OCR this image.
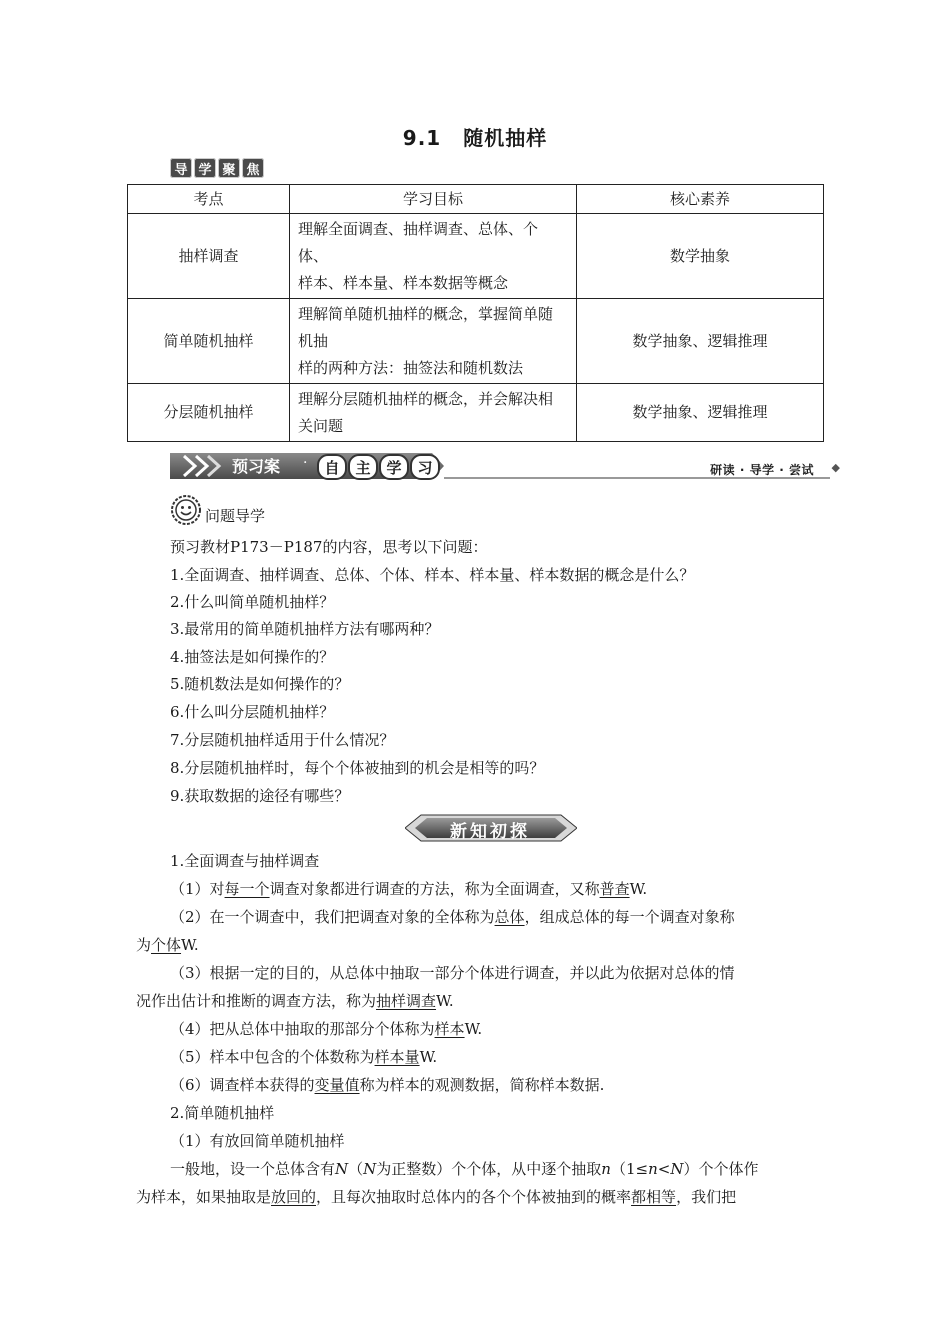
9.1 随机抽样
导 学 聚 焦
考点	学习目标	核心素养
抽样调查	理解全面调查、抽样调查、总体、个
体、
样本、样本量、样本数据等概念	数学抽象
简单随机抽样	理解简单随机抽样的概念，掌握简单随
机抽
样的两种方法：抽签法和随机数法	数学抽象、逻辑推理
分层随机抽样	理解分层随机抽样的概念，并会解决相
关问题	数学抽象、逻辑推理
预习案 ·	自	主	学	习	研读 · 导学 · 尝试 ◆
问题导学
预习教材P173－P187的内容，思考以下问题：
1.全面调查、抽样调查、总体、个体、样本、样本量、样本数据的概念是什么？
2.什么叫简单随机抽样？
3.最常用的简单随机抽样方法有哪两种？
4.抽签法是如何操作的？
5.随机数法是如何操作的？
6.什么叫分层随机抽样？
7.分层随机抽样适用于什么情况？
8.分层随机抽样时，每个个体被抽到的机会是相等的吗？
9.获取数据的途径有哪些？
新知初探
1.全面调查与抽样调查
（1）对每一个调查对象都进行调查的方法，称为全面调查，又称普查W.
（2）在一个调查中，我们把调查对象的全体称为总体，组成总体的每一个调查对象称
为个体W.
（3）根据一定的目的，从总体中抽取一部分个体进行调查，并以此为依据对总体的情
况作出估计和推断的调查方法，称为抽样调查W.
（4）把从总体中抽取的那部分个体称为样本W.
（5）样本中包含的个体数称为样本量W.
（6）调查样本获得的变量值称为样本的观测数据，简称样本数据.
2.简单随机抽样
（1）有放回简单随机抽样
一般地，设一个总体含有N（N为正整数）个个体，从中逐个抽取n（1≤n<N）个个体作
为样本，如果抽取是放回的，且每次抽取时总体内的各个个体被抽到的概率都相等，我们把
